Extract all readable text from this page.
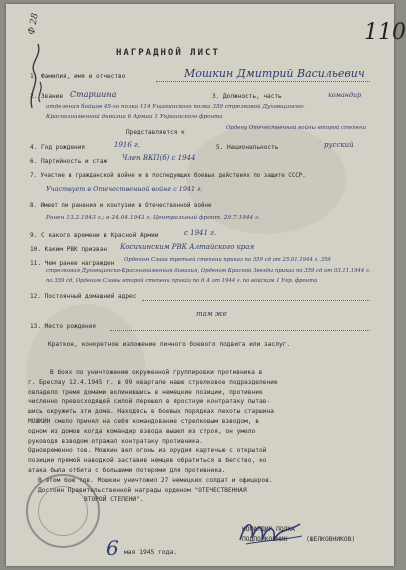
Ф 28	110
НАГРАДНОЙ ЛИСТ
1. Фамилия, имя и отчество	Мошкин Дмитрий Васильевич
2. Звание Старшина	3. Должность, часть	командир
отделения бойцов 45-го полка 114 Ушакинского полка 359 стрелковой Духовщинско-
Краснознаменной дивизии 6 Армии 1 Украинского фронта
Представляется к
Ордену Отечественной войны второй степени
4. Год рождения	1916 г.	5. Национальность	русский
6. Партийность и стаж Член ВКП(б) с 1944
7. Участие в гражданской войне и в последующих боевых действиях по защите СССР.
Участвует в Отечественной войне с 1941 г.
8. Имеет ли ранения и контузии в Отечественной войне
Ранен 13.2.1943 г.; в 24.04.1943 г. Центральный фронт. 29.7.1944 г.
9. С какого времени в Красной Армии	с 1941 г.
10. Каким РВК призван Косихинским РВК Алтайского края
11. Чем ранее награжден Орденом Слава третьей степени приказ по 359 сд от 25.01.1944 г. 359
стрелковая Духовщинско-Краснознаменная дивизия, Орденом Красной Звезды приказ по 359 сд от 03.11.1944 г.
по 359 сд, Орденом Славы второй степени приказ по 6 А от 1944 г. по войскам 1 Укр. фронта
12. Постоянный домашний адрес
там же
13. Место рождения
Краткое, конкретное изложение личного боевого подвига или заслуг.
В боях по уничтожению окруженной группировки противника в
г. Бреслау 12.4.1945 г. в 99 квартале наше стрелковое подразделение
овладело тремя домами вклинившись в немецкие позиции, противник
численно превосходящей силой перешел в яростную контратаку пытав-
шись окружить эти дома. Находясь в боевых порядках пехоты старшина
МОШКИН смело принял на себя командование стрелковым взводом, в
одном из домов когда командир взвода вышел из строя, он умело
руководя взводом отражал контратаку противника.
Одновременно тов. Мошкин вел огонь из орудия картечью с открытой
позиции прямой наводкой заставив немцев обратиться в бегство, ко
атака была отбита с большими потерями для противника.
В этом бою тов. Мошкин уничтожил 27 немецких солдат и офицеров.
Достоин Правительственной награды орденом "ОТЕЧЕСТВЕННАЯ
ВТОРОЙ СТЕПЕНИ".
КОМАНДИР ПОЛКА
ПОДПОЛКОВНИК	(ШЕЛКОВНИКОВ)
6 мая 1945 года.
